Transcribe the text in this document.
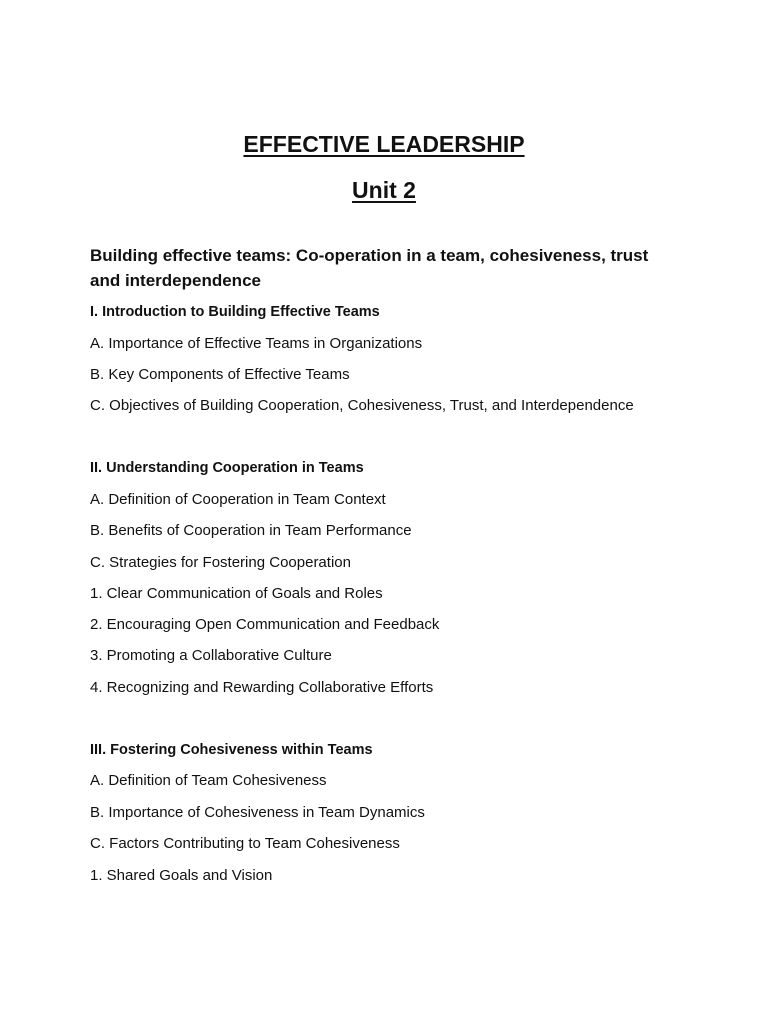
EFFECTIVE LEADERSHIP
Unit 2

Building effective teams: Co-operation in a team, cohesiveness, trust and interdependence

I. Introduction to Building Effective Teams

A. Importance of Effective Teams in Organizations

B. Key Components of Effective Teams

C. Objectives of Building Cooperation, Cohesiveness, Trust, and Interdependence

II. Understanding Cooperation in Teams

A. Definition of Cooperation in Team Context

B. Benefits of Cooperation in Team Performance

C. Strategies for Fostering Cooperation

1. Clear Communication of Goals and Roles

2. Encouraging Open Communication and Feedback

3. Promoting a Collaborative Culture

4. Recognizing and Rewarding Collaborative Efforts

III. Fostering Cohesiveness within Teams

A. Definition of Team Cohesiveness

B. Importance of Cohesiveness in Team Dynamics

C. Factors Contributing to Team Cohesiveness

1. Shared Goals and Vision
